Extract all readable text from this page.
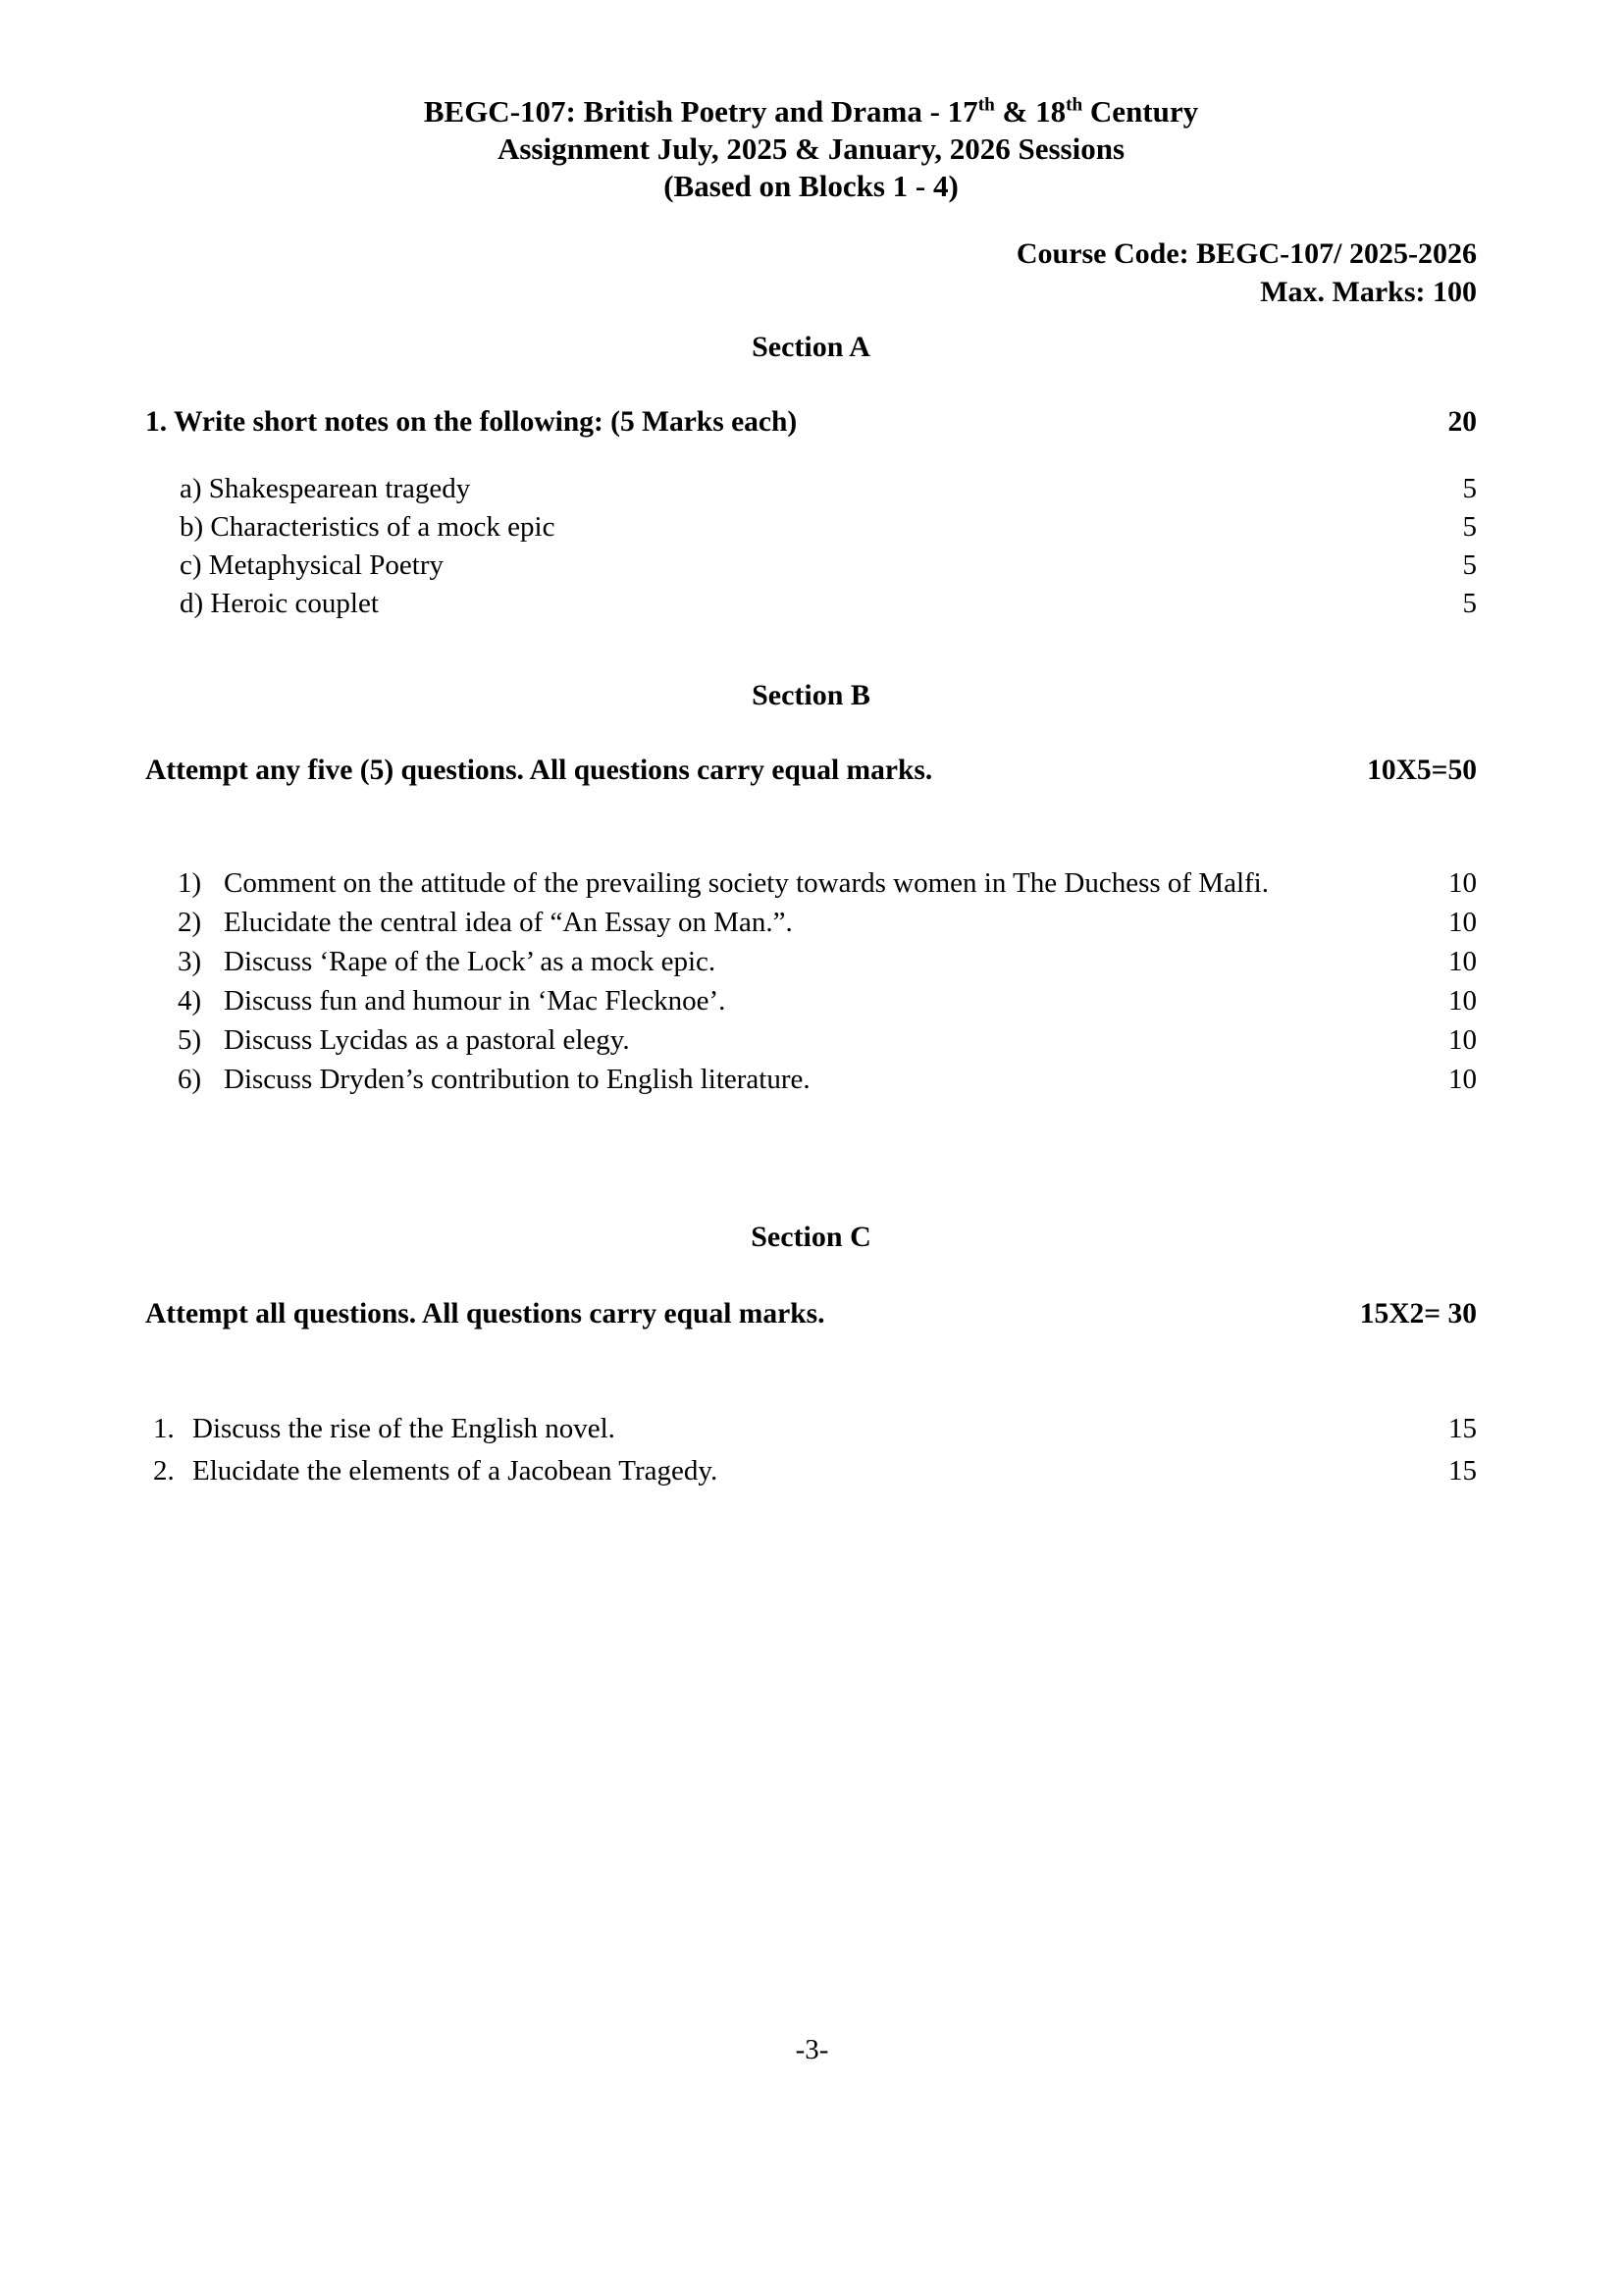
BEGC-107: British Poetry and Drama - 17th & 18th Century
Assignment July, 2025 & January, 2026 Sessions
(Based on Blocks 1 - 4)
Course Code: BEGC-107/ 2025-2026
Max. Marks: 100
Section A
1. Write short notes on the following: (5 Marks each)	20
a) Shakespearean tragedy	5
b) Characteristics of a mock epic	5
c) Metaphysical Poetry	5
d) Heroic couplet	5
Section B
Attempt any five (5) questions. All questions carry equal marks.	10X5=50
1) Comment on the attitude of the prevailing society towards women in The Duchess of Malfi.	10
2) Elucidate the central idea of “An Essay on Man.”.	10
3) Discuss ‘Rape of the Lock’ as a mock epic.	10
4) Discuss fun and humour in ‘Mac Flecknoe’.	10
5) Discuss Lycidas as a pastoral elegy.	10
6) Discuss Dryden’s contribution to English literature.	10
Section C
Attempt all questions. All questions carry equal marks.	15X2= 30
1. Discuss the rise of the English novel.	15
2. Elucidate the elements of a Jacobean Tragedy.	15
-3-
